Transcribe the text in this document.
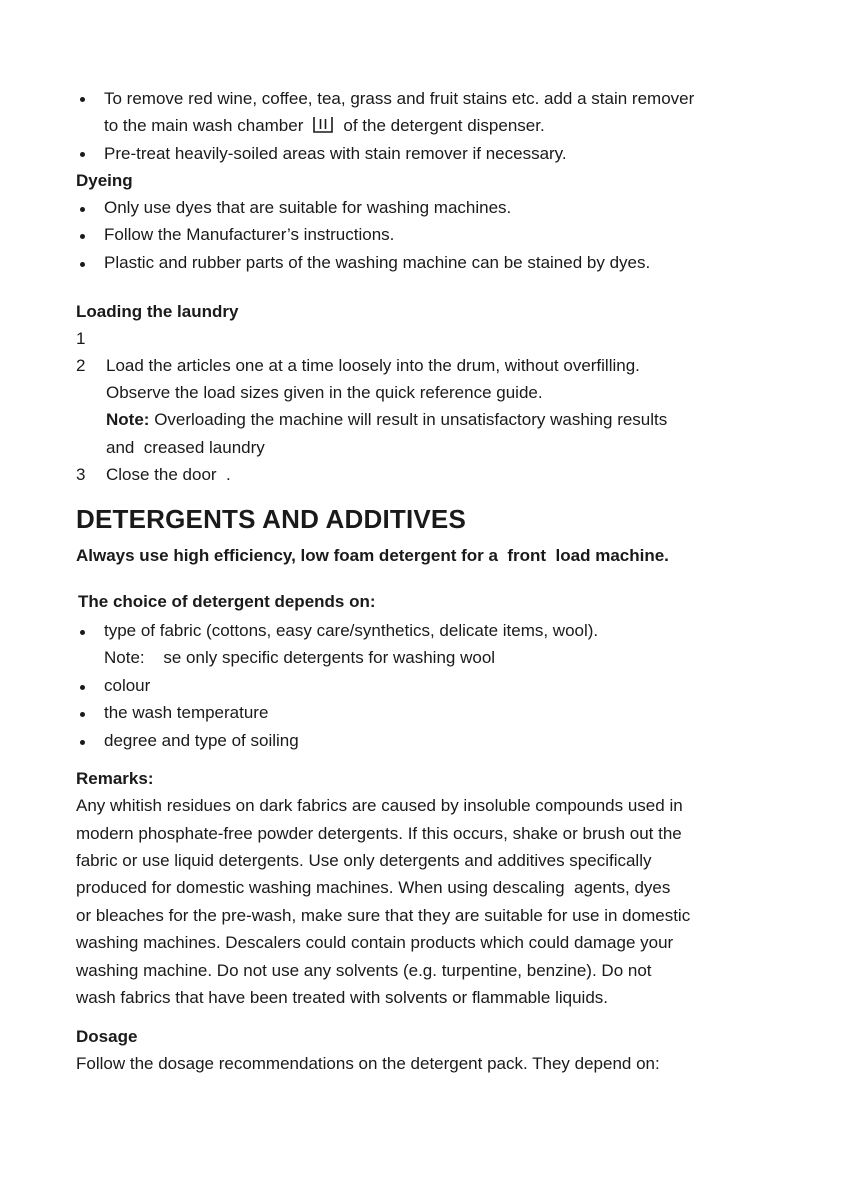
To remove red wine, coffee, tea, grass and fruit stains etc. add a stain remover
to the main wash chamber of the detergent dispenser.
Pre-treat heavily-soiled areas with stain remover if necessary.
Dyeing
Only use dyes that are suitable for washing machines.
Follow the Manufacturer’s instructions.
Plastic and rubber parts of the washing machine can be stained by dyes.
Loading the laundry
1
2 Load the articles one at a time loosely into the drum, without overfilling.
Observe the load sizes given in the quick reference guide.
Note: Overloading the machine will result in unsatisfactory washing results
and  creased laundry
3 Close the door  .
DETERGENTS AND ADDITIVES
Always use high efficiency, low foam detergent for a  front  load machine.
The choice of detergent depends on:
type of fabric (cottons, easy care/synthetics, delicate items, wool).
Note: se only specific detergents for washing wool
colour
the wash temperature
degree and type of soiling
Remarks:
Any whitish residues on dark fabrics are caused by insoluble compounds used in
modern phosphate-free powder detergents. If this occurs, shake or brush out the
fabric or use liquid detergents. Use only detergents and additives specifically
produced for domestic washing machines. When using descaling  agents, dyes
or bleaches for the pre-wash, make sure that they are suitable for use in domestic
washing machines. Descalers could contain products which could damage your
washing machine. Do not use any solvents (e.g. turpentine, benzine). Do not
wash fabrics that have been treated with solvents or flammable liquids.
Dosage
Follow the dosage recommendations on the detergent pack. They depend on:
